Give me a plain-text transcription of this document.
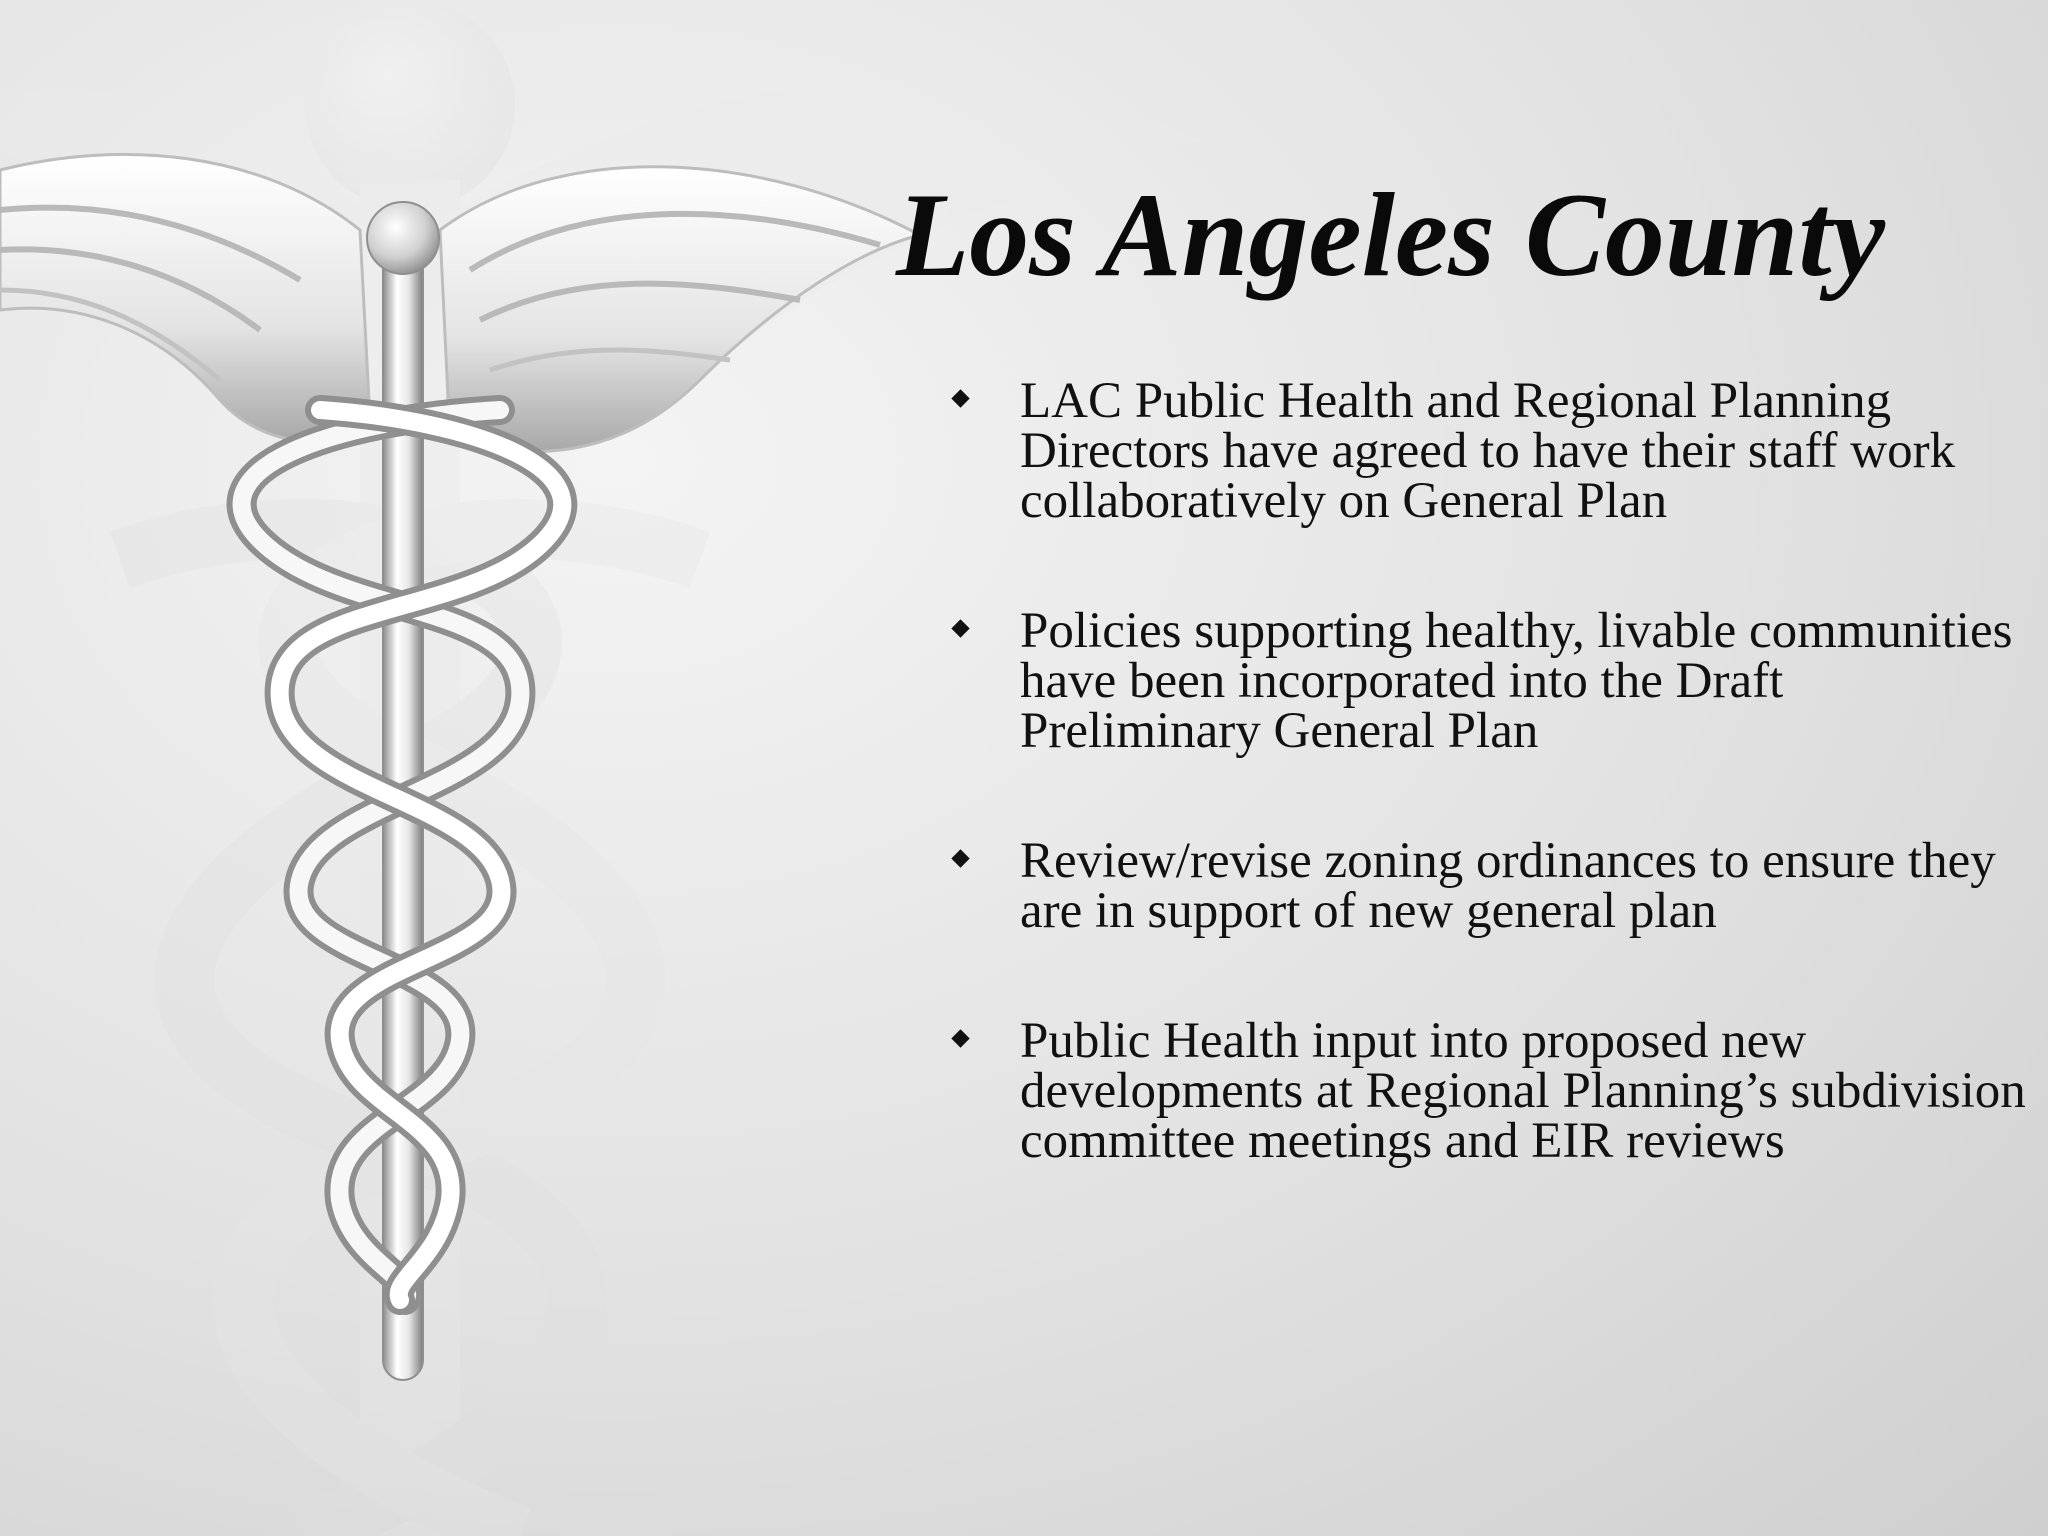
Los Angeles County
LAC Public Health and Regional Planning Directors have agreed to have their staff work collaboratively on General Plan
Policies supporting healthy, livable communities have been incorporated into the Draft Preliminary General Plan
Review/revise zoning ordinances to ensure they are in support of new general plan
Public Health input into proposed new developments at Regional Planning’s subdivision committee meetings and EIR reviews
